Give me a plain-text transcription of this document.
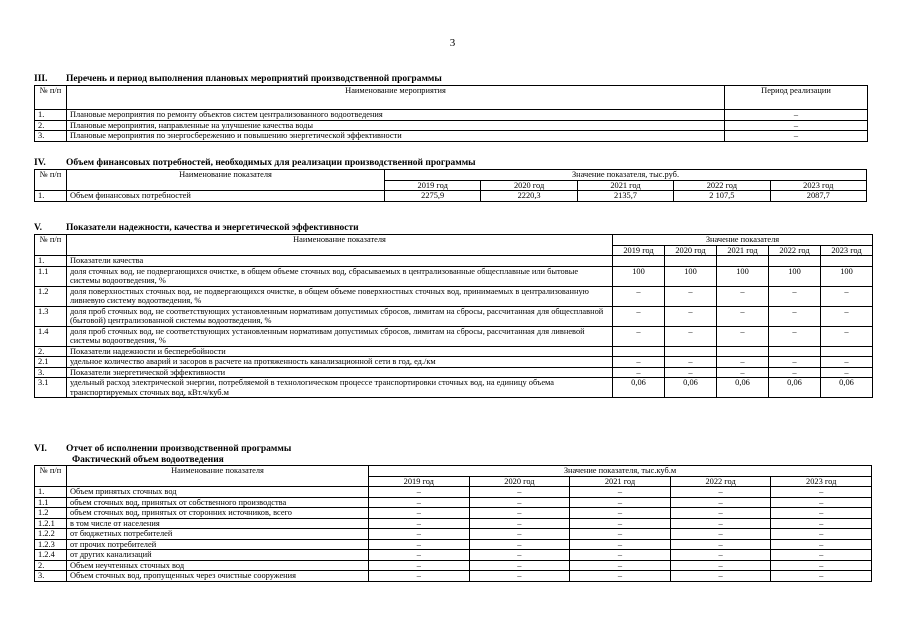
3
III. Перечень и период выполнения плановых мероприятий производственной программы
№ п/п	Наименование мероприятия	Период реализации
1.	Плановые мероприятия по ремонту объектов систем централизованного водоотведения	–
2.	Плановые мероприятия, направленные на улучшение качества воды	–
3.	Плановые мероприятия по энергосбережению и повышению энергетической эффективности	–
IV. Объем финансовых потребностей, необходимых для реализации производственной программы
№ п/п	Наименование показателя	Значение показателя, тыс.руб.				
		2019 год	2020 год	2021 год	2022 год	2023 год
1.	Объем финансовых потребностей	2275,9	2220,3	2135,7	2 107,5	2087,7
V.	Показатели надежности, качества и энергетической эффективности
№ п/п	Наименование показателя	Значение показателя				
		2019 год	2020 год	2021 год	2022 год	2023 год
1.	Показатели качества					
1.1	доля сточных вод, не подвергающихся очистке, в общем объеме сточных вод, сбрасываемых в централизованные общесплавные или бытовые системы водоотведения, %	100	100	100	100	100
1.2	доля поверхностных сточных вод, не подвергающихся очистке, в общем объеме поверхностных сточных вод, принимаемых в централизованную ливневую систему водоотведения, %	–	–	–	–	–
1.3	доля проб сточных вод, не соответствующих установленным нормативам допустимых сбросов, лимитам на сбросы, рассчитанная для общесплавной (бытовой) централизованной системы водоотведения, %	–	–	–	–	–
1.4	доля проб сточных вод, не соответствующих установленным нормативам допустимых сбросов, лимитам на сбросы, рассчитанная для ливневой системы водоотведения, %	–	–	–	–	–
2.	Показатели надежности и бесперебойности					
2.1	удельное количество аварий и засоров в расчете на протяженность канализационной сети в год, ед./км	–	–	–	–	–
3.	Показатели энергетической эффективности	–	–	–	–	–
3.1	удельный расход электрической энергии, потребляемой в технологическом процессе транспортировки сточных вод, на единицу объема транспортируемых сточных вод, кВт.ч/куб.м	0,06	0,06	0,06	0,06	0,06
VI. Отчет об исполнении производственной программы
Фактический объем водоотведения
№ п/п	Наименование показателя	Значение показателя, тыс.куб.м				
		2019 год	2020 год	2021 год	2022 год	2023 год
1.	Объем принятых сточных вод	–	–	–	–	–
1.1	объем сточных вод, принятых от собственного производства	–	–	–	–	–
1.2	объем сточных вод, принятых от сторонних источников, всего	–	–	–	–	–
1.2.1	в том числе от населения	–	–	–	–	–
1.2.2	от бюджетных потребителей	–	–	–	–	–
1.2.3	от прочих потребителей	–	–	–	–	–
1.2.4	от других канализаций	–	–	–	–	–
2.	Объем неучтенных сточных вод	–	–	–	–	–
3.	Объем сточных вод, пропущенных через очистные сооружения	–	–	–	–	–
